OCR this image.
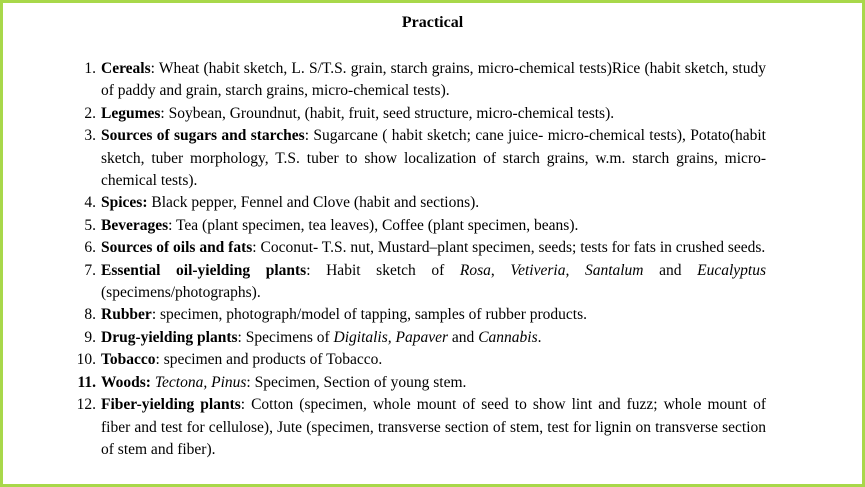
Practical
1. Cereals: Wheat (habit sketch, L. S/T.S. grain, starch grains, micro-chemical tests)Rice (habit sketch, study of paddy and grain, starch grains, micro-chemical tests).
2. Legumes: Soybean, Groundnut, (habit, fruit, seed structure, micro-chemical tests).
3. Sources of sugars and starches: Sugarcane ( habit sketch; cane juice- micro-chemical tests), Potato(habit sketch, tuber morphology, T.S. tuber to show localization of starch grains, w.m. starch grains, micro-chemical tests).
4. Spices: Black pepper, Fennel and Clove (habit and sections).
5. Beverages: Tea (plant specimen, tea leaves), Coffee (plant specimen, beans).
6. Sources of oils and fats: Coconut- T.S. nut, Mustard–plant specimen, seeds; tests for fats in crushed seeds.
7. Essential oil-yielding plants: Habit sketch of Rosa, Vetiveria, Santalum and Eucalyptus (specimens/photographs).
8. Rubber: specimen, photograph/model of tapping, samples of rubber products.
9. Drug-yielding plants: Specimens of Digitalis, Papaver and Cannabis.
10. Tobacco: specimen and products of Tobacco.
11. Woods: Tectona, Pinus: Specimen, Section of young stem.
12. Fiber-yielding plants: Cotton (specimen, whole mount of seed to show lint and fuzz; whole mount of fiber and test for cellulose), Jute (specimen, transverse section of stem, test for lignin on transverse section of stem and fiber).
